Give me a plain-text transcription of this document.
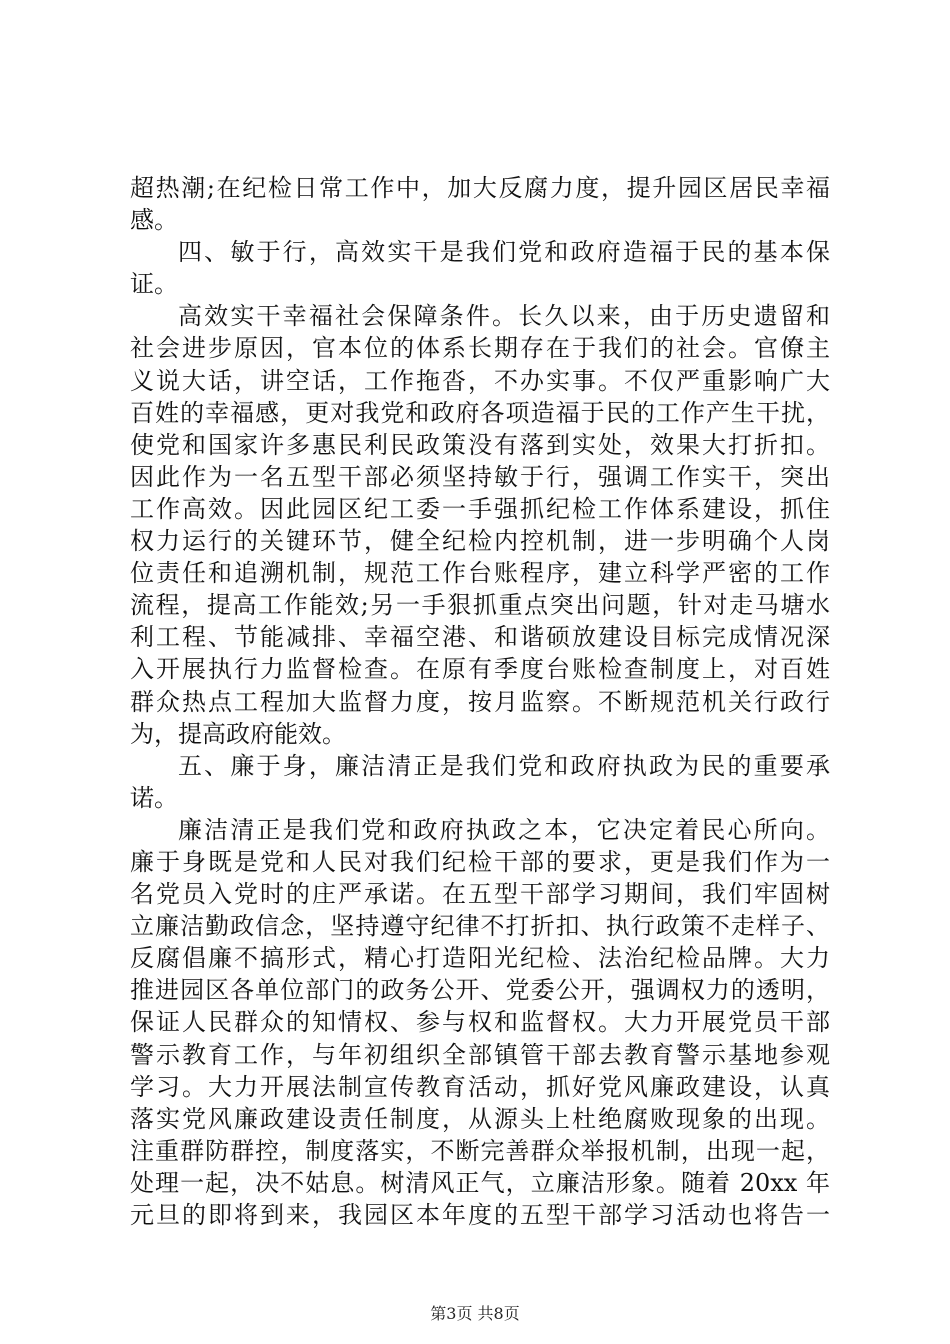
超热潮;在纪检日常工作中，加大反腐力度，提升园区居民幸福
感。
四、敏于行，高效实干是我们党和政府造福于民的基本保
证。
高效实干幸福社会保障条件。长久以来，由于历史遗留和
社会进步原因，官本位的体系长期存在于我们的社会。官僚主
义说大话，讲空话，工作拖沓，不办实事。不仅严重影响广大
百姓的幸福感，更对我党和政府各项造福于民的工作产生干扰，
使党和国家许多惠民利民政策没有落到实处，效果大打折扣。
因此作为一名五型干部必须坚持敏于行，强调工作实干，突出
工作高效。因此园区纪工委一手强抓纪检工作体系建设，抓住
权力运行的关键环节，健全纪检内控机制，进一步明确个人岗
位责任和追溯机制，规范工作台账程序，建立科学严密的工作
流程，提高工作能效;另一手狠抓重点突出问题，针对走马塘水
利工程、节能减排、幸福空港、和谐硕放建设目标完成情况深
入开展执行力监督检查。在原有季度台账检查制度上，对百姓
群众热点工程加大监督力度，按月监察。不断规范机关行政行
为，提高政府能效。
五、廉于身，廉洁清正是我们党和政府执政为民的重要承
诺。
廉洁清正是我们党和政府执政之本，它决定着民心所向。
廉于身既是党和人民对我们纪检干部的要求，更是我们作为一
名党员入党时的庄严承诺。在五型干部学习期间，我们牢固树
立廉洁勤政信念，坚持遵守纪律不打折扣、执行政策不走样子、
反腐倡廉不搞形式，精心打造阳光纪检、法治纪检品牌。大力
推进园区各单位部门的政务公开、党委公开，强调权力的透明，
保证人民群众的知情权、参与权和监督权。大力开展党员干部
警示教育工作，与年初组织全部镇管干部去教育警示基地参观
学习。大力开展法制宣传教育活动，抓好党风廉政建设，认真
落实党风廉政建设责任制度，从源头上杜绝腐败现象的出现。
注重群防群控，制度落实，不断完善群众举报机制，出现一起，
处理一起，决不姑息。树清风正气，立廉洁形象。随着 20xx 年
元旦的即将到来，我园区本年度的五型干部学习活动也将告一
第3页 共8页
